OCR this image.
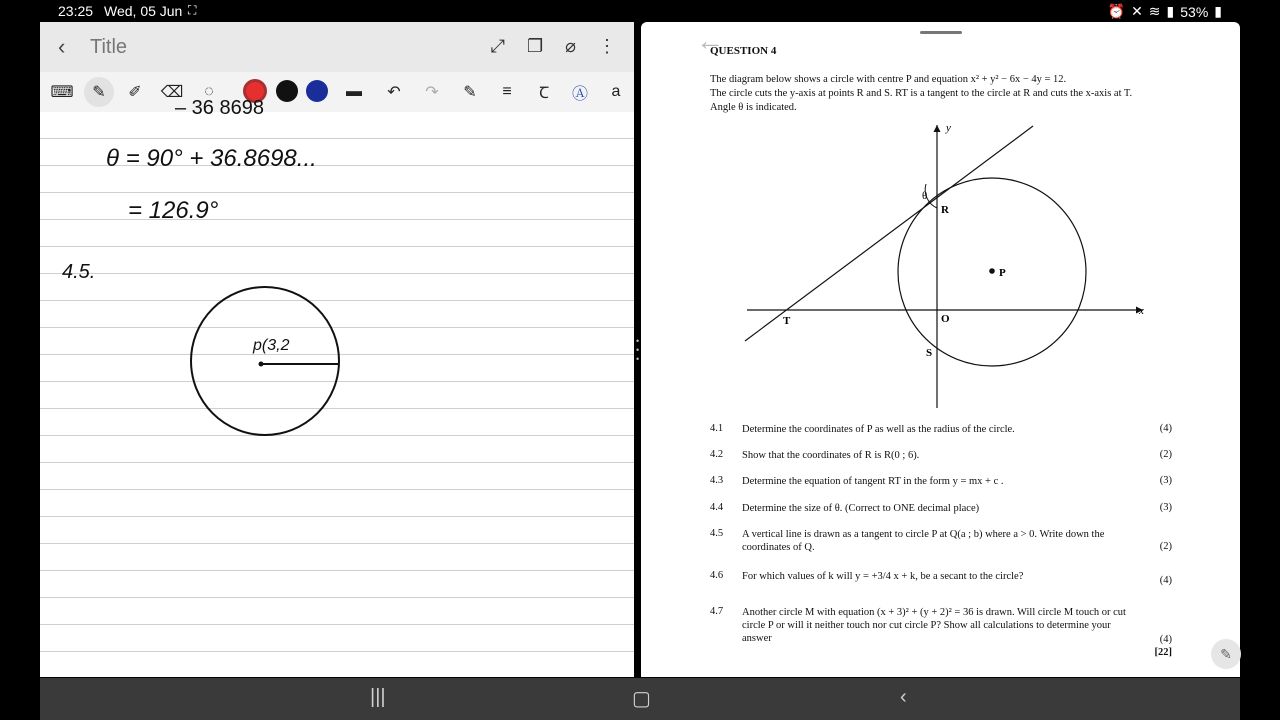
23:25 Wed, 05 Jun ⛶	⏰ ✕ ≋ ▮ 53% ▮
‹ Title	⤢ ❐ ⌀ ⋮
⌨	✎	✐	⌫	◌	▬	↶	↷	✎	≡	Ꞇ	Ⓐ	a
– 36 8698
θ = 90° + 36.8698...
= 126.9°
4.5.
p(3,2	•
•
•
QUESTION 4
The diagram below shows a circle with centre P and equation x² + y² − 6x − 4y = 12.
The circle cuts the y-axis at points R and S. RT is a tangent to the circle at R and cuts the x-axis at T.
Angle θ is indicated.
y
x
θ
R
P
T	O
S
4.1 Determine the coordinates of P as well as the radius of the circle.	(4)
4.2 Show that the coordinates of R is R(0 ; 6).	(2)
4.3 Determine the equation of tangent RT in the form y = mx + c .	(3)
4.4 Determine the size of θ. (Correct to ONE decimal place)	(3)
4.5 A vertical line is drawn as a tangent to circle P at Q(a ; b) where a > 0. Write down the coordinates of Q.	(2)
4.6 For which values of k will y = +3/4 x + k, be a secant to the circle?	(4)
4.7 Another circle M with equation (x + 3)² + (y + 2)² = 36 is drawn. Will circle M touch or cut circle P or will it neither touch nor cut circle P? Show all calculations to determine your answer	(4)
[22]
←
✎
|||	▢	‹
